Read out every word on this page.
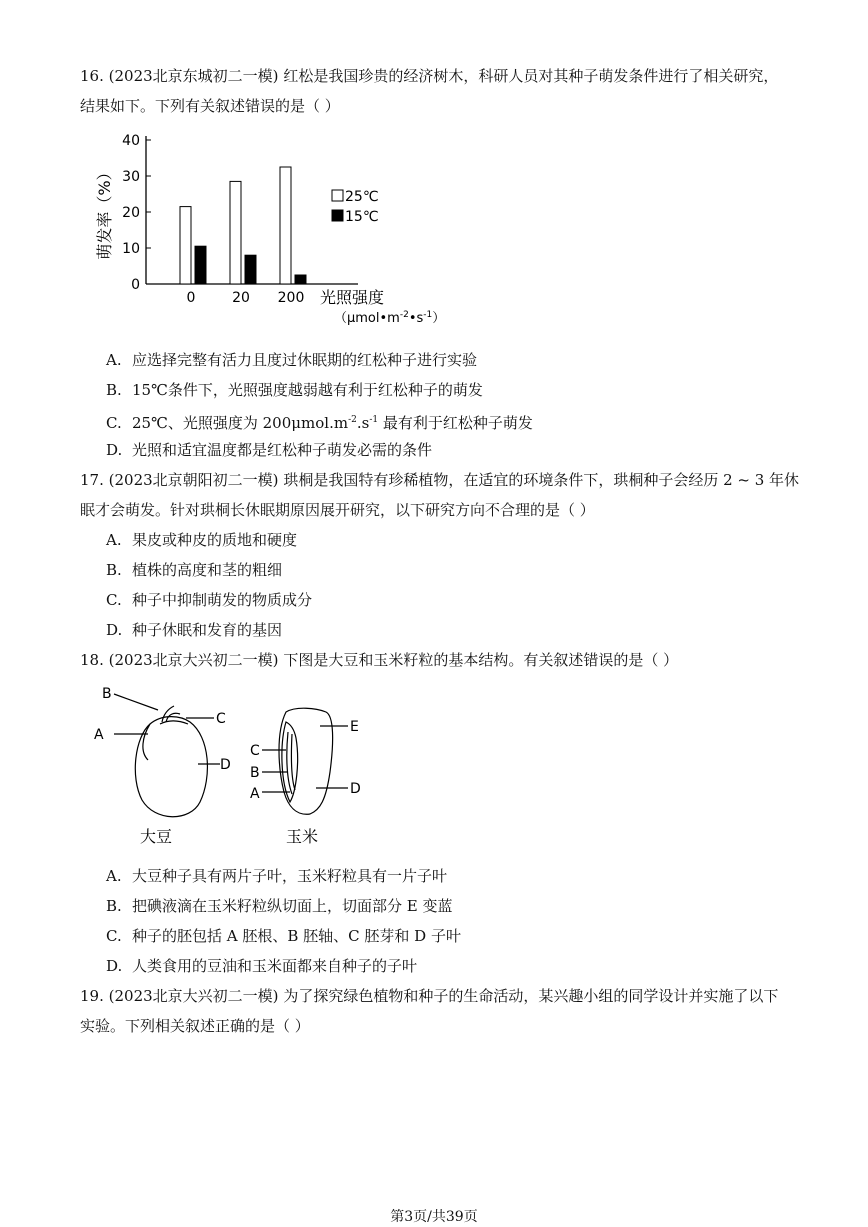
16. (2023北京东城初二一模) 红松是我国珍贵的经济树木，科研人员对其种子萌发条件进行了相关研究，
结果如下。下列有关叙述错误的是（ ）
0
10
20
30
40
萌发率（%）
0	20 200
25℃
15℃
光照强度
$(\mu mol•m^{-2}•s^{-1})$
A. 应选择完整有活力且度过休眠期的红松种子进行实验
B. 15℃条件下，光照强度越弱越有利于红松种子的萌发
C. 25℃、光照强度为 $200\mu mol.m^{-2}.s^{-1}$ 最有利于红松种子萌发
D. 光照和适宜温度都是红松种子萌发必需的条件
17. (2023北京朝阳初二一模) 珙桐是我国特有珍稀植物，在适宜的环境条件下，珙桐种子会经历 2 ~ 3 年休
眠才会萌发。针对珙桐长休眠期原因展开研究，以下研究方向不合理的是（ ）
A. 果皮或种皮的质地和硬度
B. 植株的高度和茎的粗细
C. 种子中抑制萌发的物质成分
D. 种子休眠和发育的基因
18. (2023北京大兴初二一模) 下图是大豆和玉米籽粒的基本结构。有关叙述错误的是（ ）
B
A
C
D
大豆
E
C
B
A	D
玉米
A. 大豆种子具有两片子叶，玉米籽粒具有一片子叶
B. 把碘液滴在玉米籽粒纵切面上，切面部分 E 变蓝
C. 种子的胚包括 A 胚根、B 胚轴、C 胚芽和 D 子叶
D. 人类食用的豆油和玉米面都来自种子的子叶
19. (2023北京大兴初二一模) 为了探究绿色植物和种子的生命活动，某兴趣小组的同学设计并实施了以下
实验。下列相关叙述正确的是（ ）
第3页/共39页
